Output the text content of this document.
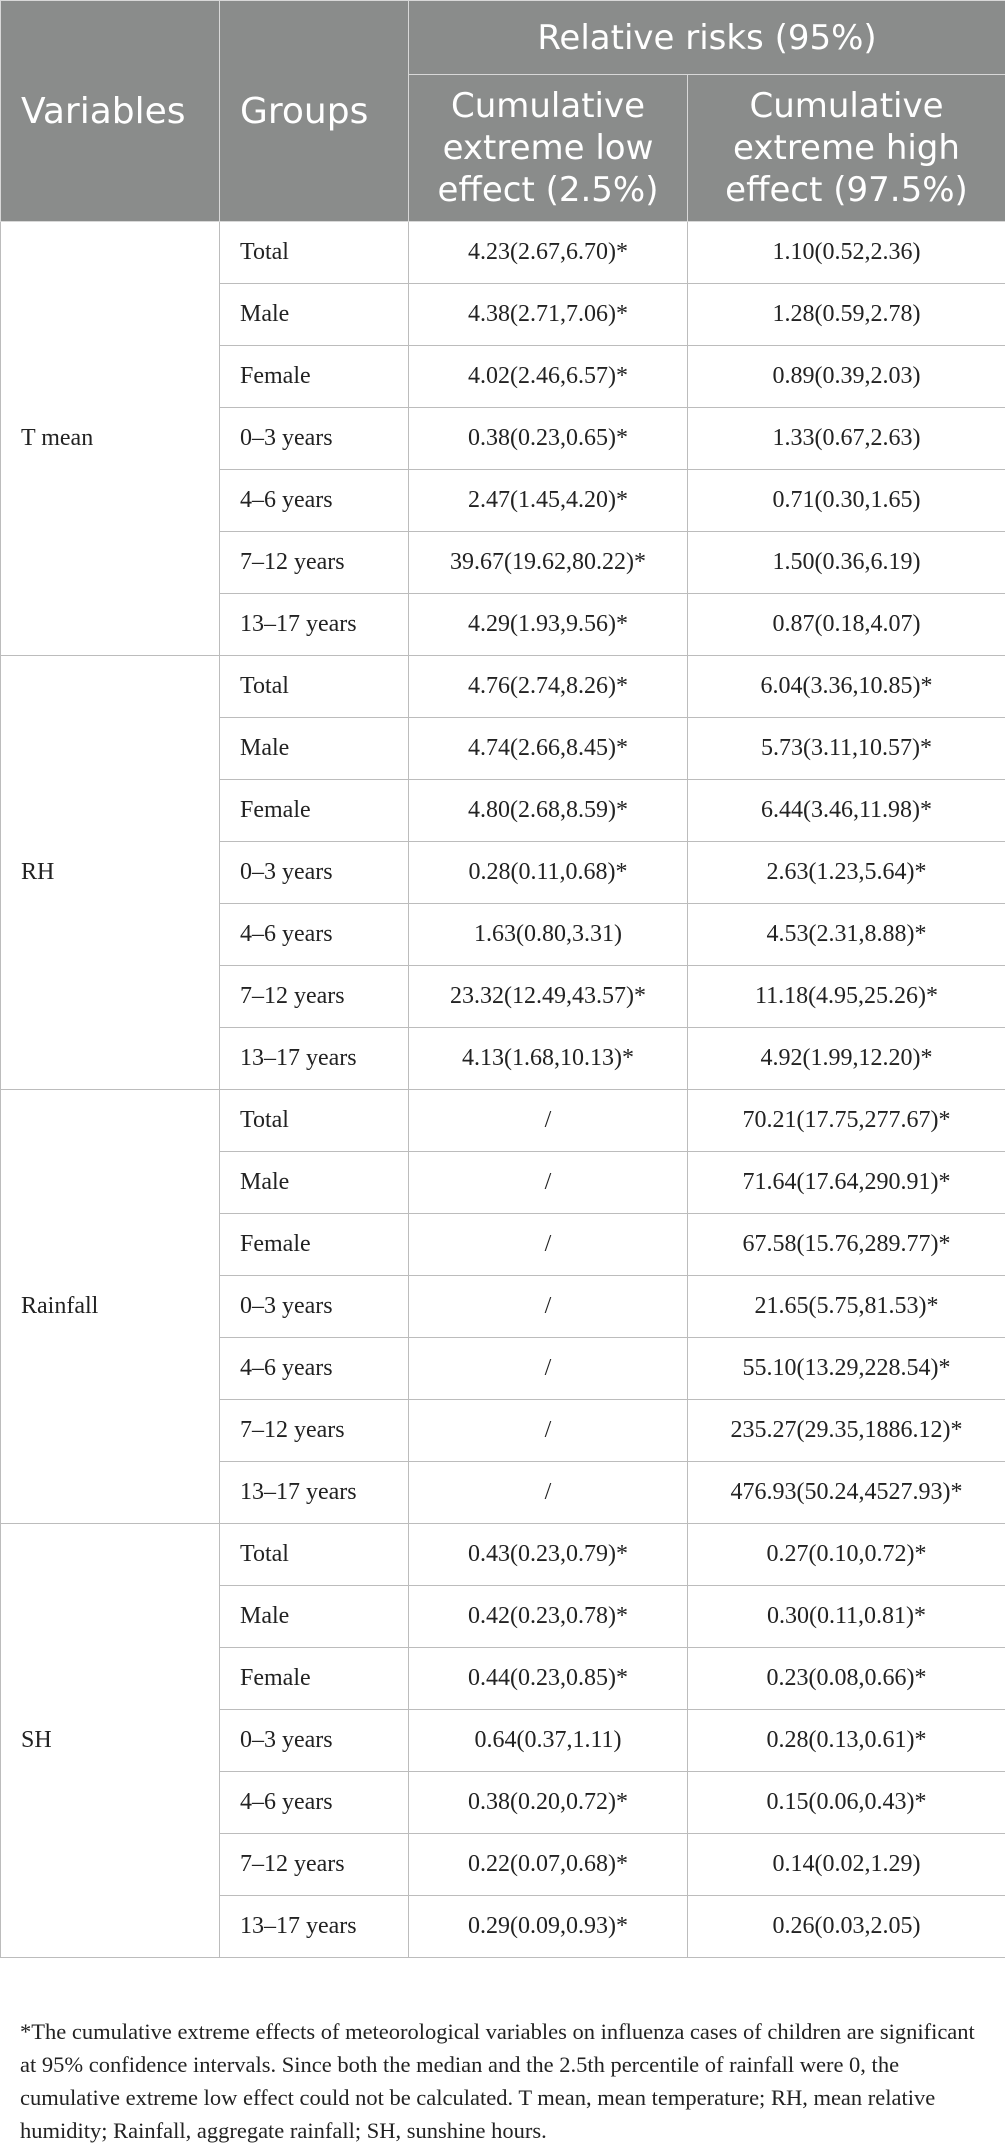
Variables	Groups	Relative risks (95%)	
		Cumulative extreme low effect (2.5%)	Cumulative extreme high effect (97.5%)
T mean	Total	4.23(2.67,6.70)*	1.10(0.52,2.36)
	Male	4.38(2.71,7.06)*	1.28(0.59,2.78)
	Female	4.02(2.46,6.57)*	0.89(0.39,2.03)
	0–3 years	0.38(0.23,0.65)*	1.33(0.67,2.63)
	4–6 years	2.47(1.45,4.20)*	0.71(0.30,1.65)
	7–12 years	39.67(19.62,80.22)*	1.50(0.36,6.19)
	13–17 years	4.29(1.93,9.56)*	0.87(0.18,4.07)
RH	Total	4.76(2.74,8.26)*	6.04(3.36,10.85)*
	Male	4.74(2.66,8.45)*	5.73(3.11,10.57)*
	Female	4.80(2.68,8.59)*	6.44(3.46,11.98)*
	0–3 years	0.28(0.11,0.68)*	2.63(1.23,5.64)*
	4–6 years	1.63(0.80,3.31)	4.53(2.31,8.88)*
	7–12 years	23.32(12.49,43.57)*	11.18(4.95,25.26)*
	13–17 years	4.13(1.68,10.13)*	4.92(1.99,12.20)*
Rainfall	Total	/	70.21(17.75,277.67)*
	Male	/	71.64(17.64,290.91)*
	Female	/	67.58(15.76,289.77)*
	0–3 years	/	21.65(5.75,81.53)*
	4–6 years	/	55.10(13.29,228.54)*
	7–12 years	/	235.27(29.35,1886.12)*
	13–17 years	/	476.93(50.24,4527.93)*
SH	Total	0.43(0.23,0.79)*	0.27(0.10,0.72)*
	Male	0.42(0.23,0.78)*	0.30(0.11,0.81)*
	Female	0.44(0.23,0.85)*	0.23(0.08,0.66)*
	0–3 years	0.64(0.37,1.11)	0.28(0.13,0.61)*
	4–6 years	0.38(0.20,0.72)*	0.15(0.06,0.43)*
	7–12 years	0.22(0.07,0.68)*	0.14(0.02,1.29)
	13–17 years	0.29(0.09,0.93)*	0.26(0.03,2.05)

*The cumulative extreme effects of meteorological variables on influenza cases of children are significant at 95% confidence intervals. Since both the median and the 2.5th percentile of rainfall were 0, the cumulative extreme low effect could not be calculated. T mean, mean temperature; RH, mean relative humidity; Rainfall, aggregate rainfall; SH, sunshine hours.
